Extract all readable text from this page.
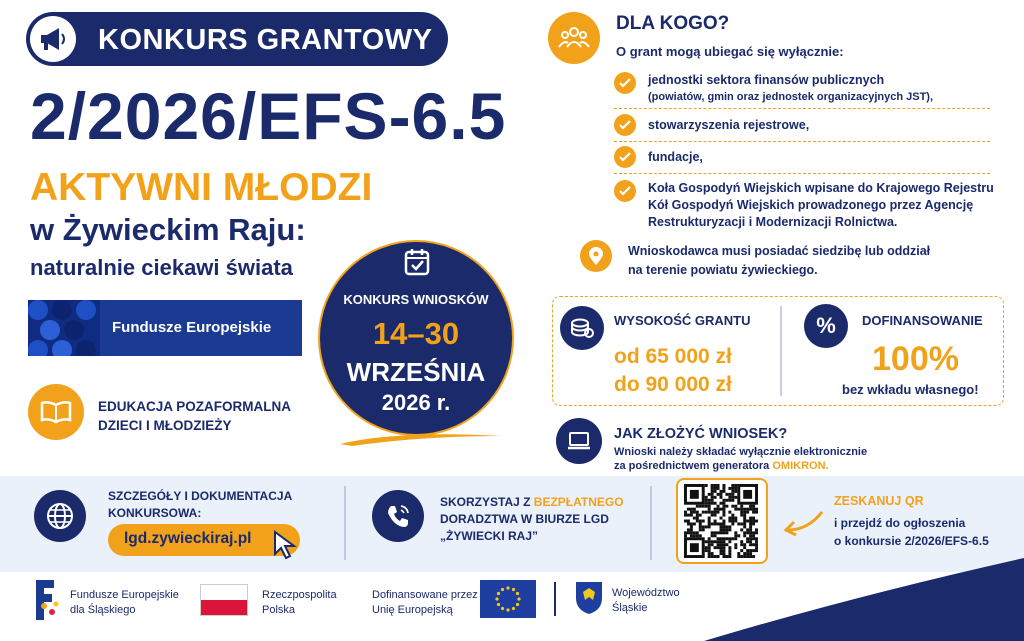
KONKURS GRANTOWY
2/2026/EFS-6.5
AKTYWNI MŁODZI
w Żywieckim Raju:
naturalnie ciekawi świata
Fundusze Europejskie
EDUKACJA POZAFORMALNA
DZIECI I MŁODZIEŻY
KONKURS WNIOSKÓW
14–30
WRZEŚNIA
2026 r.
DLA KOGO?
O grant mogą ubiegać się wyłącznie:
jednostki sektora finansów publicznych
(powiatów, gmin oraz jednostek organizacyjnych JST),
stowarzyszenia rejestrowe,
fundacje,
Koła Gospodyń Wiejskich wpisane do Krajowego Rejestru
Kół Gospodyń Wiejskich prowadzonego przez Agencję
Restrukturyzacji i Modernizacji Rolnictwa.
Wnioskodawca musi posiadać siedzibę lub oddział
na terenie powiatu żywieckiego.
WYSOKOŚĆ GRANTU
od 65 000 zł
do 90 000 zł
%	DOFINANSOWANIE
100%
bez wkładu własnego!
JAK ZŁOŻYĆ WNIOSEK?
Wnioski należy składać wyłącznie elektronicznie
za pośrednictwem generatora OMIKRON.
SZCZEGÓŁY I DOKUMENTACJA
KONKURSOWA:
lgd.zywieckiraj.pl
SKORZYSTAJ Z BEZPŁATNEGO
DORADZTWA W BIURZE LGD
„ŻYWIECKI RAJ”
ZESKANUJ QR
i przejdź do ogłoszenia
o konkursie 2/2026/EFS-6.5
Fundusze Europejskie
dla Śląskiego
Rzeczpospolita
Polska
Dofinansowane przez
Unię Europejską
Województwo
Śląskie
